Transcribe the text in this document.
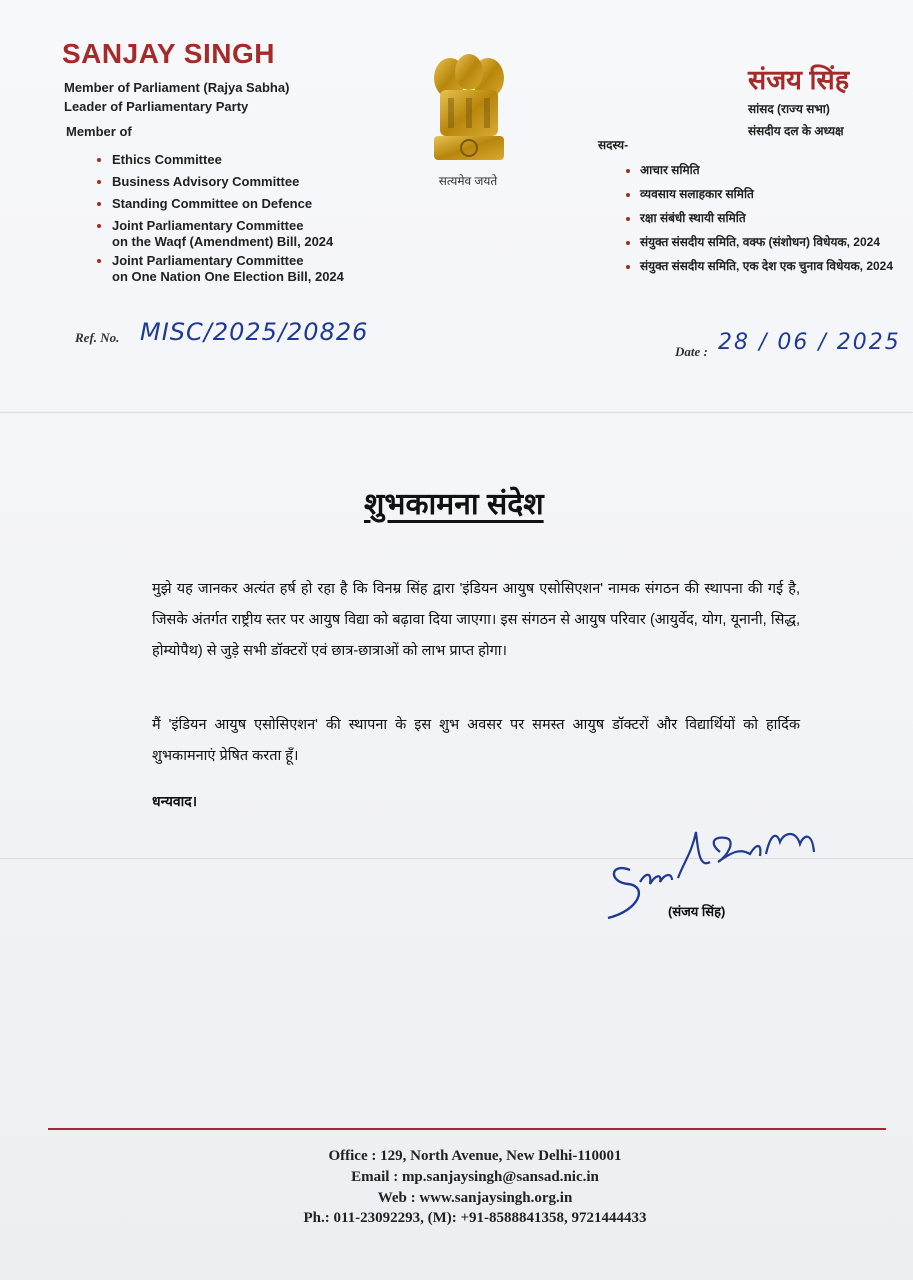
SANJAY SINGH
Member of Parliament (Rajya Sabha)
Leader of Parliamentary Party
Member of
• Ethics Committee
• Business Advisory Committee
• Standing Committee on Defence
• Joint Parliamentary Committee
on the Waqf (Amendment) Bill, 2024
• Joint Parliamentary Committee
on One Nation One Election Bill, 2024
सत्यमेव जयते
संजय सिंह
सांसद (राज्य सभा)
संसदीय दल के अध्यक्ष
सदस्य-
• आचार समिति
• व्यवसाय सलाहकार समिति
• रक्षा संबंधी स्थायी समिति
• संयुक्त संसदीय समिति, वक्फ (संशोधन) विधेयक, 2024
• संयुक्त संसदीय समिति, एक देश एक चुनाव विधेयक, 2024
Ref. No. MISC/2025/20826
Date : 28 / 06 / 2025
शुभकामना संदेश
मुझे यह जानकर अत्यंत हर्ष हो रहा है कि विनम्र सिंह द्वारा 'इंडियन आयुष एसोसिएशन' नामक संगठन की स्थापना की गई है, जिसके अंतर्गत राष्ट्रीय स्तर पर आयुष विद्या को बढ़ावा दिया जाएगा। इस संगठन से आयुष परिवार (आयुर्वेद, योग, यूनानी, सिद्ध, होम्योपैथ) से जुड़े सभी डॉक्टरों एवं छात्र-छात्राओं को लाभ प्राप्त होगा।
मैं 'इंडियन आयुष एसोसिएशन' की स्थापना के इस शुभ अवसर पर समस्त आयुष डॉक्टरों और विद्यार्थियों को हार्दिक शुभकामनाएं प्रेषित करता हूँ।
धन्यवाद।
(संजय सिंह)
Office : 129, North Avenue, New Delhi-110001
Email : mp.sanjaysingh@sansad.nic.in
Web : www.sanjaysingh.org.in
Ph.: 011-23092293, (M): +91-8588841358, 9721444433
